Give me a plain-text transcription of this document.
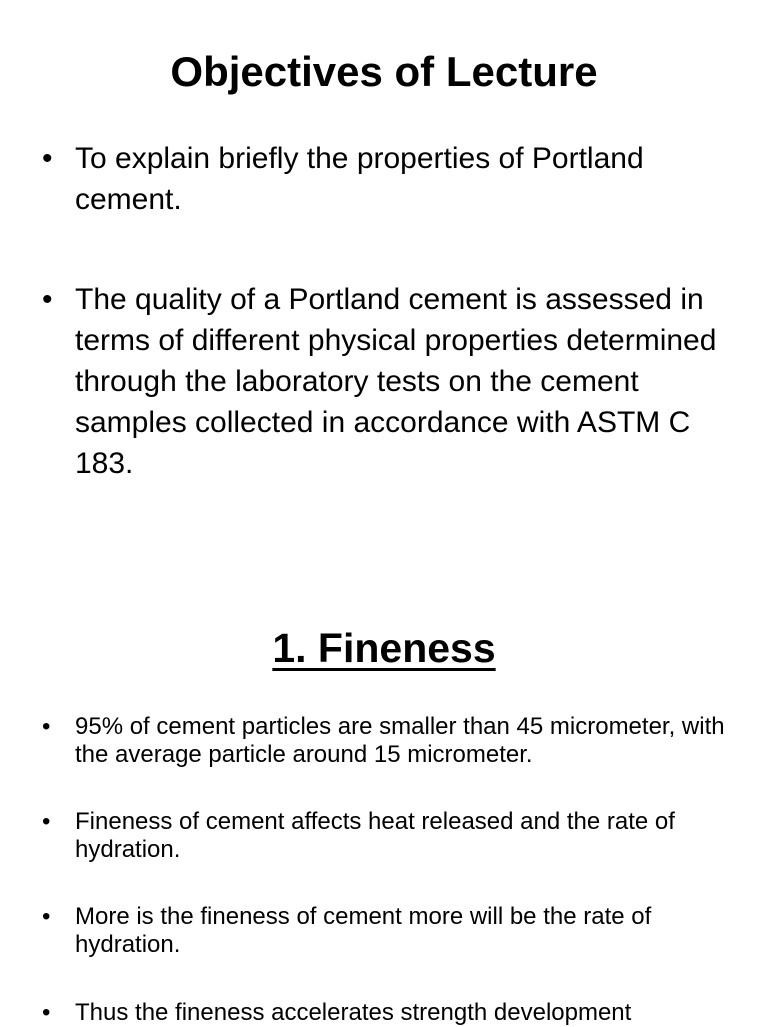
Objectives of Lecture
• To explain briefly the properties of Portland cement.
• The quality of a Portland cement is assessed in terms of different physical properties determined through the laboratory tests on the cement samples collected in accordance with ASTM C 183.
1. Fineness
• 95% of cement particles are smaller than 45 micrometer, with the average particle around 15 micrometer.
• Fineness of cement affects heat released and the rate of hydration.
• More is the fineness of cement more will be the rate of hydration.
• Thus the fineness accelerates strength development
